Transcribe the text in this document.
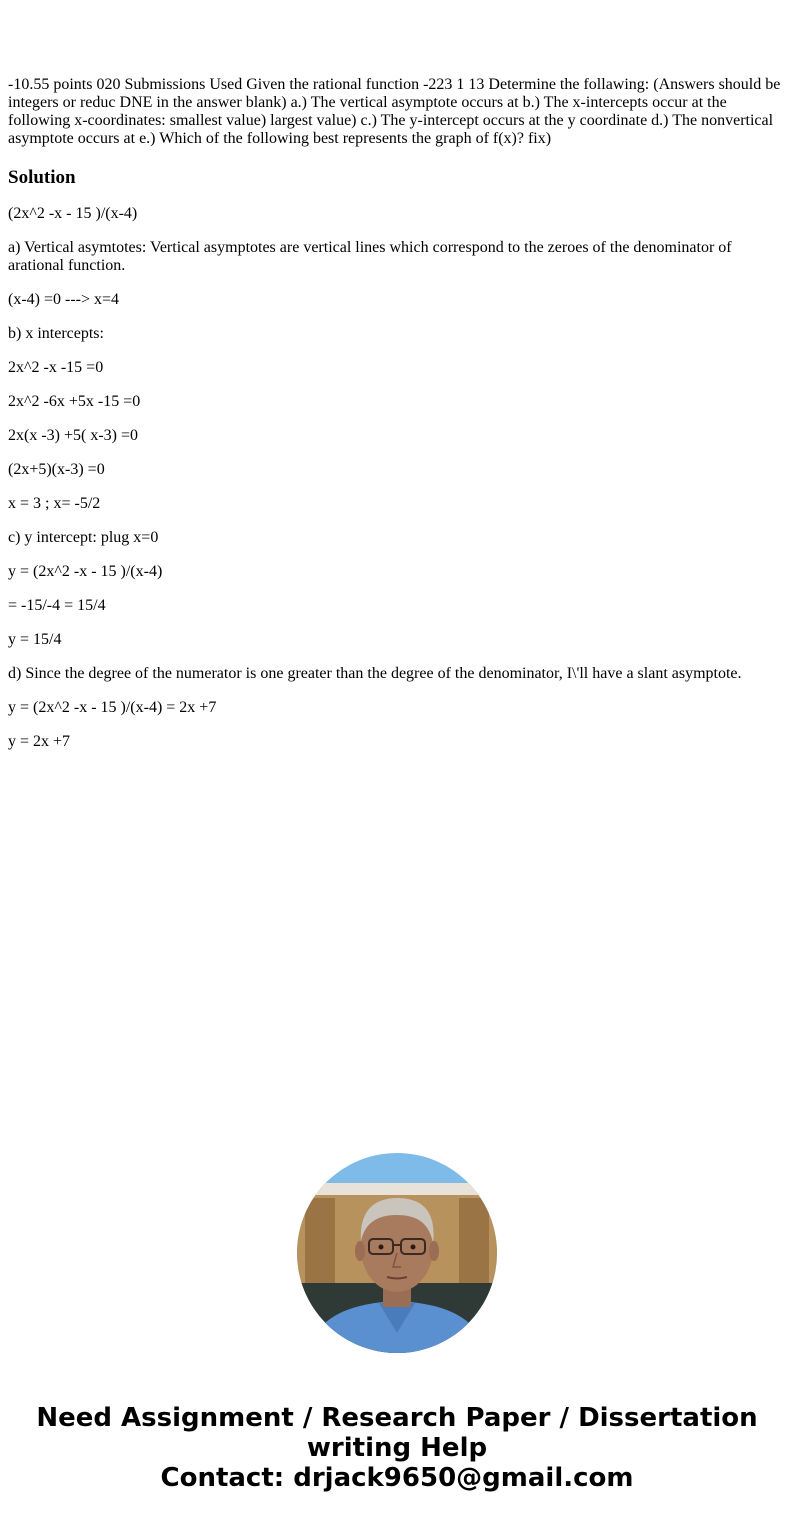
-10.55 points 020 Submissions Used Given the rational function -223 1 13 Determine the follawing: (Answers should be integers or reduc DNE in the answer blank) a.) The vertical asymptote occurs at b.) The x-intercepts occur at the following x-coordinates: smallest value) largest value) c.) The y-intercept occurs at the y coordinate d.) The nonvertical asymptote occurs at e.) Which of the following best represents the graph of f(x)? fix)

Solution

(2x^2 -x - 15 )/(x-4)

a) Vertical asymtotes: Vertical asymptotes are vertical lines which correspond to the zeroes of the denominator of arational function.

(x-4) =0 ---> x=4

b) x intercepts:

2x^2 -x -15 =0

2x^2 -6x +5x -15 =0

2x(x -3) +5( x-3) =0

(2x+5)(x-3) =0

x = 3 ; x= -5/2

c) y intercept: plug x=0

y = (2x^2 -x - 15 )/(x-4)

= -15/-4 = 15/4

y = 15/4

d) Since the degree of the numerator is one greater than the degree of the denominator, I\'ll have a slant asymptote.

y = (2x^2 -x - 15 )/(x-4) = 2x +7

y = 2x +7

Need Assignment / Research Paper / Dissertation
writing Help
Contact: drjack9650@gmail.com
